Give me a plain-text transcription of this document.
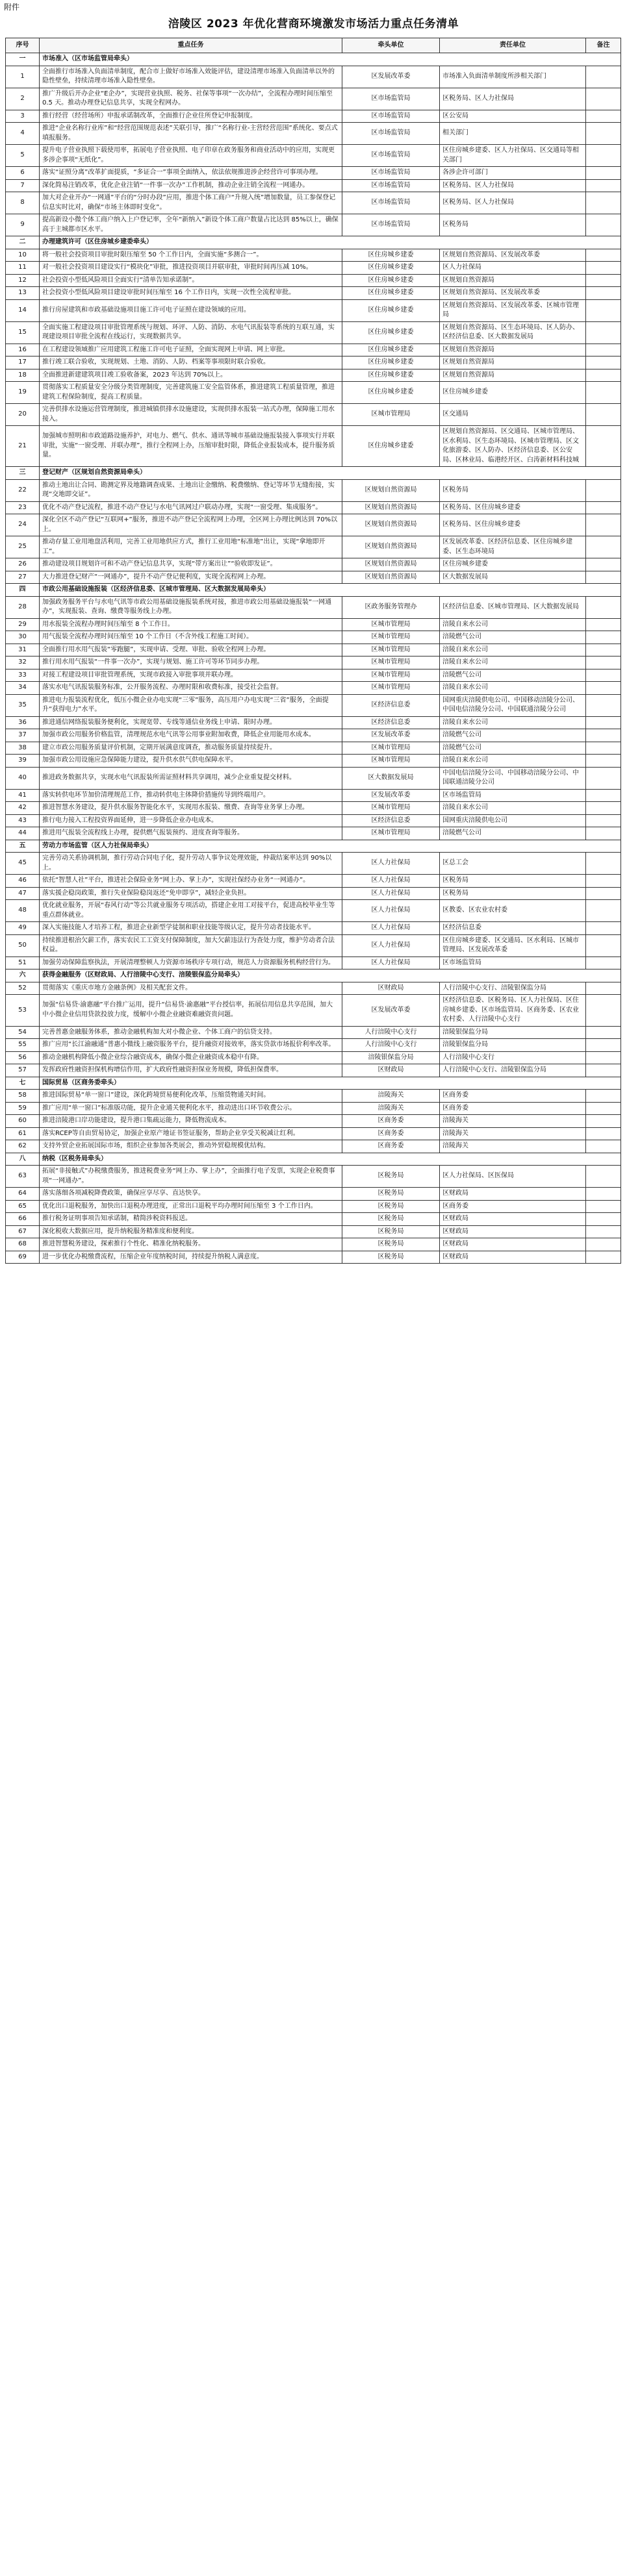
附件
涪陵区 2023 年优化营商环境激发市场活力重点任务清单
序号	重点任务	牵头单位	责任单位	备注
一	市场准入（区市场监管局牵头）			
1	全面推行市场准入负面清单制度，配合市上做好市场准入效能评估，建设清理市场准入负面清单以外的隐性壁垒，持续清理市场准入隐性壁垒。	区发展改革委	市场准入负面清单制度所涉相关部门	
2	推广升级后开办企业“E企办”，实现营业执照、税务、社保等事项“一次办结”，全流程办理时间压缩至 0.5 天。推动办理登记信息共享，实现全程网办。	区市场监管局	区税务局、区人力社保局	
3	推行经营（经营场所）申报承诺制改革，全面推行企业住所登记申报制度。	区市场监管局	区公安局	
4	推进“企业名称行业库”和“经营范围规范表述”关联引导，推广“名称行业-主营经营范围”系统化、要点式填报服务。	区市场监管局	相关部门	
5	提升电子营业执照下载使用率，拓展电子营业执照、电子印章在政务服务和商业活动中的应用，实现更多涉企事项“无纸化”。	区市场监管局	区住房城乡建委、区人力社保局、区交通局等相关部门	
6	落实“证照分离”改革扩面提质，“多证合一”事项全面纳入，依法依规推进涉企经营许可事项办理。	区市场监管局	各涉企许可部门	
7	深化简易注销改革，优化企业注销“一件事一次办”工作机制，推动企业注销全流程一网通办。	区市场监管局	区税务局、区人力社保局	
8	加大对企业开办“一网通”平台的“分时办段”应用，推进个体工商户“升规入统”增加数量，员工参保登记信息实时比对，确保“市场主体即时变化”。	区市场监管局	区税务局、区人力社保局	
9	提高新设小微个体工商户纳入上户登记率，全年“新纳入”新设个体工商户数量占比达到 85%以上，确保高于主城都市区水平。	区市场监管局	区税务局	
二	办理建筑许可（区住房城乡建委牵头）			
10	将一般社会投资项目审批时限压缩至 50 个工作日内，全面实施“多测合一”。	区住房城乡建委	区规划自然资源局、区发展改革委	
11	对一般社会投资项目建设实行“模块化”审批，推进投资项目并联审批，审批时间再压减 10%。	区住房城乡建委	区人力社保局	
12	社会投资小型低风险项目全面实行“清单告知承诺制”。	区住房城乡建委	区规划自然资源局	
13	社会投资小型低风险项目建设审批时间压缩至 16 个工作日内，实现一次性全流程审批。	区住房城乡建委	区规划自然资源局、区发展改革委	
14	推行房屋建筑和市政基础设施项目施工许可电子证照在建设领域的应用。	区住房城乡建委	区规划自然资源局、区发展改革委、区城市管理局	
15	全面实施工程建设项目审批管理系统与规划、环评、人防、消防、水电气讯报装等系统的互联互通，实现建设项目审批全流程在线运行，实现数据共享。	区住房城乡建委	区规划自然资源局、区生态环境局、区人防办、区经济信息委、区大数据发展局	
16	在工程建设领域推广应用建筑工程施工许可电子证照，全面实现网上申请、网上审批。	区住房城乡建委	区规划自然资源局	
17	推行竣工联合验收，实现规划、土地、消防、人防、档案等事项限时联合验收。	区住房城乡建委	区规划自然资源局	
18	全面推进新建建筑项目竣工验收备案，2023 年达到 70%以上。	区住房城乡建委	区规划自然资源局	
19	贯彻落实工程质量安全分级分类管理制度，完善建筑施工安全监管体系，推进建筑工程质量管理，推进建筑工程保险制度，提高工程质量。	区住房城乡建委	区住房城乡建委	
20	完善供排水设施运营管理制度，推进城镇供排水设施建设，实现供排水报装一站式办理，保障施工用水接入。	区城市管理局	区交通局	
21	加强城市照明和市政道路设施养护，对电力、燃气、供水、通讯等城市基础设施报装接入事项实行并联审批，实施“一窗受理、并联办理”，推行全程网上办，压缩审批时限，降低企业报装成本，提升服务质量。	区住房城乡建委	区规划自然资源局、区交通局、区城市管理局、区水利局、区生态环境局、区城市管理局、区文化旅游委、区人防办、区经济信息委、区公安局、区林业局、临港经开区、白涛新材料科技城	
三	登记财产（区规划自然资源局牵头）			
22	推动土地出让合同、勘测定界及地籍调查成果、土地出让金缴纳、税费缴纳、登记等环节无缝衔接，实现“交地即交证”。	区规划自然资源局	区税务局	
23	优化不动产登记流程，推进不动产登记与水电气讯网过户联动办理，实现“一窗受理、集成服务”。	区规划自然资源局	区税务局、区住房城乡建委	
24	深化全区不动产登记“互联网+”服务，推进不动产登记全流程网上办理，全区网上办理比例达到 70%以上。	区规划自然资源局	区税务局、区住房城乡建委	
25	推动存量工业用地盘活利用，完善工业用地供应方式，推行工业用地“标准地”出让，实现“拿地即开工”。	区规划自然资源局	区发展改革委、区经济信息委、区住房城乡建委、区生态环境局	
26	推动建设项目规划许可和不动产登记信息共享，实现“带方案出让”“验收即发证”。	区规划自然资源局	区住房城乡建委	
27	大力推进登记财产“一网通办”，提升不动产登记便利度，实现全流程网上办理。	区规划自然资源局	区大数据发展局	
四	市政公用基础设施报装（区经济信息委、区城市管理局、区大数据发展局牵头）			
28	加强政务服务平台与水电气讯等市政公用基础设施报装系统对接，推进市政公用基础设施报装“一网通办”，实现报装、查询、缴费等服务线上办理。	区政务服务管理办	区经济信息委、区城市管理局、区大数据发展局	
29	用水报装全流程办理时间压缩至 8 个工作日。	区城市管理局	涪陵自来水公司	
30	用气报装全流程办理时间压缩至 10 个工作日（不含外线工程施工时间）。	区城市管理局	涪陵燃气公司	
31	全面推行用水用气报装“零跑腿”，实现申请、受理、审批、验收全程网上办理。	区城市管理局	涪陵自来水公司	
32	推行用水用气报装“一件事一次办”，实现与规划、施工许可等环节同步办理。	区城市管理局	涪陵自来水公司	
33	对接工程建设项目审批管理系统，实现市政接入审批事项并联办理。	区城市管理局	涪陵燃气公司	
34	落实水电气讯报装服务标准，公开服务流程、办理时限和收费标准，接受社会监督。	区城市管理局	涪陵自来水公司	
35	推进电力报装流程优化，低压小微企业办电实现“三零”服务，高压用户办电实现“三省”服务，全面提升“获得电力”水平。	区经济信息委	国网重庆涪陵供电公司、中国移动涪陵分公司、中国电信涪陵分公司、中国联通涪陵分公司	
36	推进通信网络报装服务便利化，实现宽带、专线等通信业务线上申请、限时办理。	区经济信息委	涪陵自来水公司	
37	加强市政公用服务价格监管，清理规范水电气讯等公用事业附加收费，降低企业用能用水成本。	区发展改革委	涪陵燃气公司	
38	建立市政公用服务质量评价机制，定期开展满意度调查，推动服务质量持续提升。	区城市管理局	涪陵燃气公司	
39	加强市政公用设施应急保障能力建设，提升供水供气供电保障水平。	区城市管理局	涪陵自来水公司	
40	推进政务数据共享，实现水电气讯报装所需证照材料共享调用，减少企业重复提交材料。	区大数据发展局	中国电信涪陵分公司、中国移动涪陵分公司、中国联通涪陵分公司	
41	落实转供电环节加价清理规范工作，推动转供电主体降价措施传导到终端用户。	区发展改革委	区市场监管局	
42	推进智慧水务建设，提升供水服务智能化水平，实现用水报装、缴费、查询等业务掌上办理。	区城市管理局	涪陵自来水公司	
43	推行电力接入工程投资界面延伸，进一步降低企业办电成本。	区经济信息委	国网重庆涪陵供电公司	
44	推进用气报装全流程线上办理，提供燃气报装预约、进度查询等服务。	区城市管理局	涪陵燃气公司	
五	劳动力市场监管（区人力社保局牵头）			
45	完善劳动关系协调机制，推行劳动合同电子化，提升劳动人事争议处理效能，仲裁结案率达到 90%以上。	区人力社保局	区总工会	
46	依托“智慧人社”平台，推进社会保险业务“网上办、掌上办”，实现社保经办业务“一网通办”。	区人力社保局	区税务局	
47	落实援企稳岗政策，推行失业保险稳岗返还“免申即享”，减轻企业负担。	区人力社保局	区税务局	
48	优化就业服务，开展“春风行动”等公共就业服务专项活动，搭建企业用工对接平台，促进高校毕业生等重点群体就业。	区人力社保局	区教委、区农业农村委	
49	深入实施技能人才培养工程，推进企业新型学徒制和职业技能等级认定，提升劳动者技能水平。	区人力社保局	区经济信息委	
50	持续推进根治欠薪工作，落实农民工工资支付保障制度，加大欠薪违法行为查处力度，维护劳动者合法权益。	区人力社保局	区住房城乡建委、区交通局、区水利局、区城市管理局、区发展改革委	
51	加强劳动保障监察执法，开展清理整顿人力资源市场秩序专项行动，规范人力资源服务机构经营行为。	区人力社保局	区市场监管局	
六	获得金融服务（区财政局、人行涪陵中心支行、涪陵银保监分局牵头）			
52	贯彻落实《重庆市地方金融条例》及相关配套文件。	区财政局	人行涪陵中心支行、涪陵银保监分局	
53	加强“信易贷·渝惠融”平台推广运用，提升“信易贷·渝惠融”平台授信率，拓展信用信息共享范围，加大中小微企业信用贷款投放力度，缓解中小微企业融资难融资贵问题。	区发展改革委	区经济信息委、区税务局、区人力社保局、区住房城乡建委、区市场监管局、区商务委、区农业农村委、人行涪陵中心支行	
54	完善普惠金融服务体系，推动金融机构加大对小微企业、个体工商户的信贷支持。	人行涪陵中心支行	涪陵银保监分局	
55	推广应用“长江渝融通”普惠小微线上融资服务平台，提升融资对接效率，落实贷款市场报价利率改革。	人行涪陵中心支行	涪陵银保监分局	
56	推动金融机构降低小微企业综合融资成本，确保小微企业融资成本稳中有降。	涪陵银保监分局	人行涪陵中心支行	
57	发挥政府性融资担保机构增信作用，扩大政府性融资担保业务规模，降低担保费率。	区财政局	人行涪陵中心支行、涪陵银保监分局	
七	国际贸易（区商务委牵头）			
58	推进国际贸易“单一窗口”建设，深化跨境贸易便利化改革，压缩货物通关时间。	涪陵海关	区商务委	
59	推广应用“单一窗口”标准版功能，提升企业通关便利化水平，推动进出口环节收费公示。	涪陵海关	区商务委	
60	推进涪陵港口岸功能建设，提升港口集疏运能力，降低物流成本。	区商务委	涪陵海关	
61	落实RCEP等自由贸易协定，加强企业原产地证书签证服务，帮助企业享受关税减让红利。	区商务委	涪陵海关	
62	支持外贸企业拓展国际市场，组织企业参加各类展会，推动外贸稳规模优结构。	区商务委	涪陵海关	
八	纳税（区税务局牵头）			
63	拓展“非接触式”办税缴费服务，推进税费业务“网上办、掌上办”，全面推行电子发票，实现企业税费事项“一网通办”。	区税务局	区人力社保局、区医保局	
64	落实落细各项减税降费政策，确保应享尽享、直达快享。	区税务局	区财政局	
65	优化出口退税服务，加快出口退税办理进度，正常出口退税平均办理时间压缩至 3 个工作日内。	区税务局	区商务委	
66	推行税务证明事项告知承诺制，精简涉税资料报送。	区税务局	区财政局	
67	深化税收大数据应用，提升纳税服务精准度和便利度。	区税务局	区财政局	
68	推进智慧税务建设，探索推行个性化、精准化纳税服务。	区税务局	区财政局	
69	进一步优化办税缴费流程，压缩企业年度纳税时间，持续提升纳税人满意度。	区税务局	区财政局	
